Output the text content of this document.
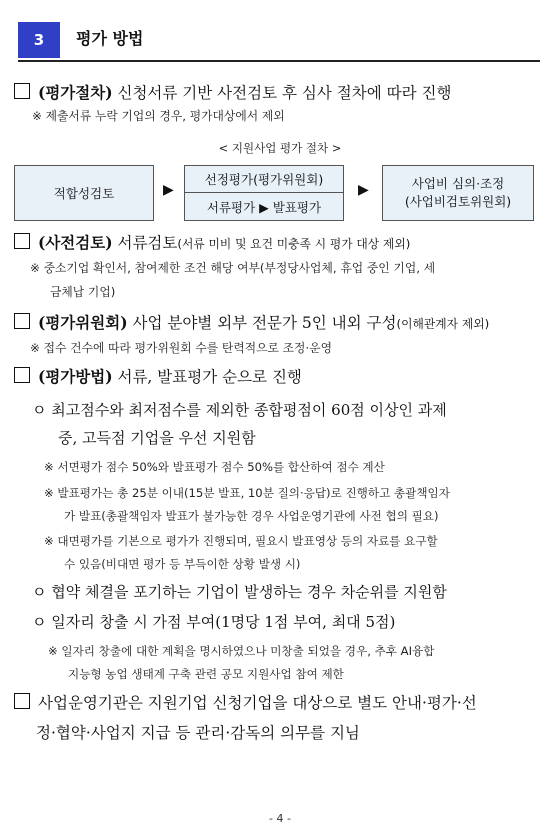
3	평가 방법
(평가절차) 신청서류 기반 사전검토 후 심사 절차에 따라 진행
※ 제출서류 누락 기업의 경우, 평가대상에서 제외
< 지원사업 평가 절차 >
적합성검토	▶
선정평가(평가위원회)
서류평가 ▶ 발표평가
▶	사업비 심의·조정
(사업비검토위원회)
(사전검토) 서류검토(서류 미비 및 요건 미충족 시 평가 대상 제외)
※ 중소기업 확인서, 참여제한 조건 해당 여부(부정당사업체, 휴업 중인 기업, 세
금체납 기업)
(평가위원회) 사업 분야별 외부 전문가 5인 내외 구성(이해관계자 제외)
※ 접수 건수에 따라 평가위원회 수를 탄력적으로 조정·운영
(평가방법) 서류, 발표평가 순으로 진행
ㅇ 최고점수와 최저점수를 제외한 종합평점이 60점 이상인 과제
중, 고득점 기업을 우선 지원함
※ 서면평가 점수 50%와 발표평가 점수 50%를 합산하여 점수 계산
※ 발표평가는 총 25분 이내(15분 발표, 10분 질의·응답)로 진행하고 총괄책임자
가 발표(총괄책임자 발표가 불가능한 경우 사업운영기관에 사전 협의 필요)
※ 대면평가를 기본으로 평가가 진행되며, 필요시 발표영상 등의 자료를 요구할
수 있음(비대면 평가 등 부득이한 상황 발생 시)
ㅇ 협약 체결을 포기하는 기업이 발생하는 경우 차순위를 지원함
ㅇ 일자리 창출 시 가점 부여(1명당 1점 부여, 최대 5점)
※ 일자리 창출에 대한 계획을 명시하였으나 미창출 되었을 경우, 추후 AI융합
지능형 농업 생태계 구축 관련 공모 지원사업 참여 제한
사업운영기관은 지원기업 신청기업을 대상으로 별도 안내·평가·선
정·협약·사업지 지급 등 관리·감독의 의무를 지님
- 4 -
